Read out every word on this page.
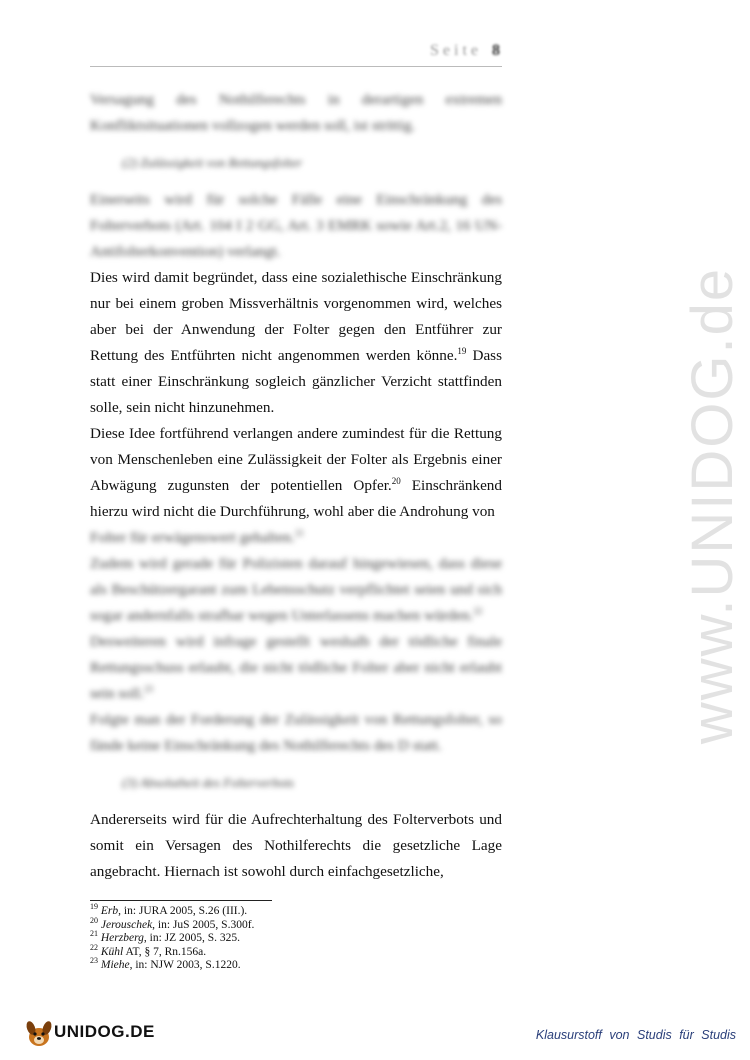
Seite 8
www.UNIDOG.de

Versagung des Nothilferechts in derartigen extremen Konfliktsituationen vollzogen werden soll, ist strittig.

(2) Zulässigkeit von Rettungsfolter

Einerseits wird für solche Fälle eine Einschränkung des Folterverbots (Art. 104 I 2 GG, Art. 3 EMRK sowie Art.2, 16 UN-Antifolterkonvention) verlangt.

Dies wird damit begründet, dass eine sozialethische Einschränkung nur bei einem groben Missverhältnis vorgenommen wird, welches aber bei der Anwendung der Folter gegen den Entführer zur Rettung des Entführten nicht angenommen werden könne.$^{19}$ Dass statt einer Einschränkung sogleich gänzlicher Verzicht stattfinden solle, sein nicht hinzunehmen.

Diese Idee fortführend verlangen andere zumindest für die Rettung von Menschenleben eine Zulässigkeit der Folter als Ergebnis einer Abwägung zugunsten der potentiellen Opfer.$^{20}$ Einschränkend hierzu wird nicht die Durchführung, wohl aber die Androhung von

Folter für erwägenswert gehalten.$^{21}$

Zudem wird gerade für Polizisten darauf hingewiesen, dass diese als Beschützergarant zum Lebensschutz verpflichtet seien und sich sogar andernfalls strafbar wegen Unterlassens machen würden.$^{22}$

Desweiteren wird infrage gestellt weshalb der tödliche finale Rettungsschuss erlaubt, die nicht tödliche Folter aber nicht erlaubt sein soll.$^{23}$

Folgte man der Forderung der Zulässigkeit von Rettungsfolter, so fände keine Einschränkung des Nothilferechts des D statt.

(3) Absolutheit des Folterverbots

Andererseits wird für die Aufrechterhaltung des Folterverbots und somit ein Versagen des Nothilferechts die gesetzliche Lage angebracht. Hiernach ist sowohl durch einfachgesetzliche,

$^{19}$ Erb, in: JURA 2005, S.26 (III.).
$^{20}$ Jerouschek, in: JuS 2005, S.300f.
$^{21}$ Herzberg, in: JZ 2005, S. 325.
$^{22}$ Kühl AT, § 7, Rn.156a.
$^{23}$ Miehe, in: NJW 2003, S.1220.
UNIDOG.DE	Klausurstoff von Studis für Studis
